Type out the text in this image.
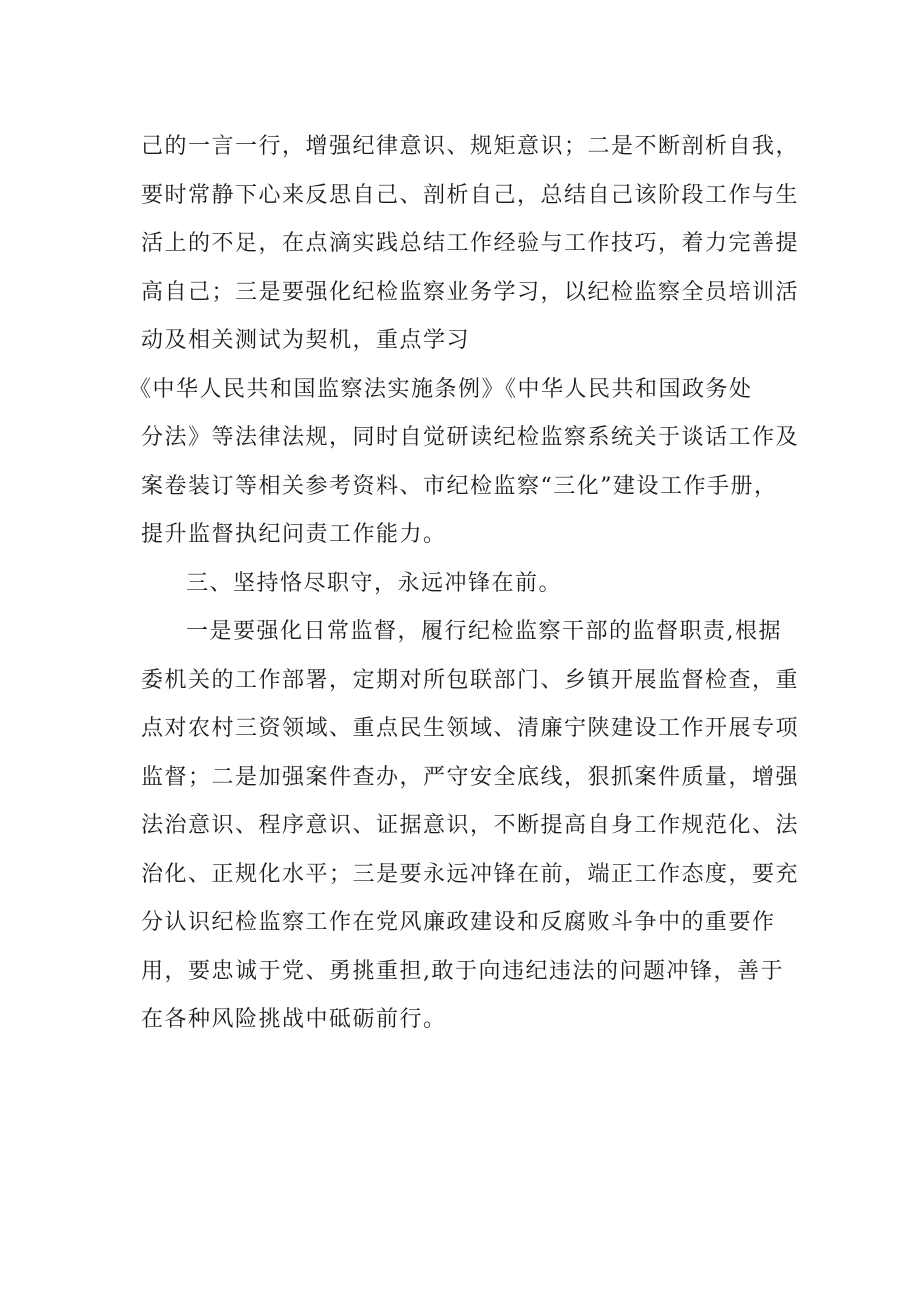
己的一言一行，增强纪律意识、规矩意识；二是不断剖析自我，
要时常静下心来反思自己、剖析自己，总结自己该阶段工作与生
活上的不足，在点滴实践总结工作经验与工作技巧，着力完善提
高自己；三是要强化纪检监察业务学习，以纪检监察全员培训活
动及相关测试为契机，重点学习
《中华人民共和国监察法实施条例》《中华人民共和国政务处
分法》等法律法规，同时自觉研读纪检监察系统关于谈话工作及
案卷装订等相关参考资料、市纪检监察“三化”建设工作手册，
提升监督执纪问责工作能力。
三、坚持恪尽职守，永远冲锋在前。
一是要强化日常监督，履行纪检监察干部的监督职责,根据
委机关的工作部署，定期对所包联部门、乡镇开展监督检查，重
点对农村三资领域、重点民生领域、清廉宁陕建设工作开展专项
监督；二是加强案件查办，严守安全底线，狠抓案件质量，增强
法治意识、程序意识、证据意识，不断提高自身工作规范化、法
治化、正规化水平；三是要永远冲锋在前，端正工作态度，要充
分认识纪检监察工作在党风廉政建设和反腐败斗争中的重要作
用，要忠诚于党、勇挑重担,敢于向违纪违法的问题冲锋，善于
在各种风险挑战中砥砺前行。
